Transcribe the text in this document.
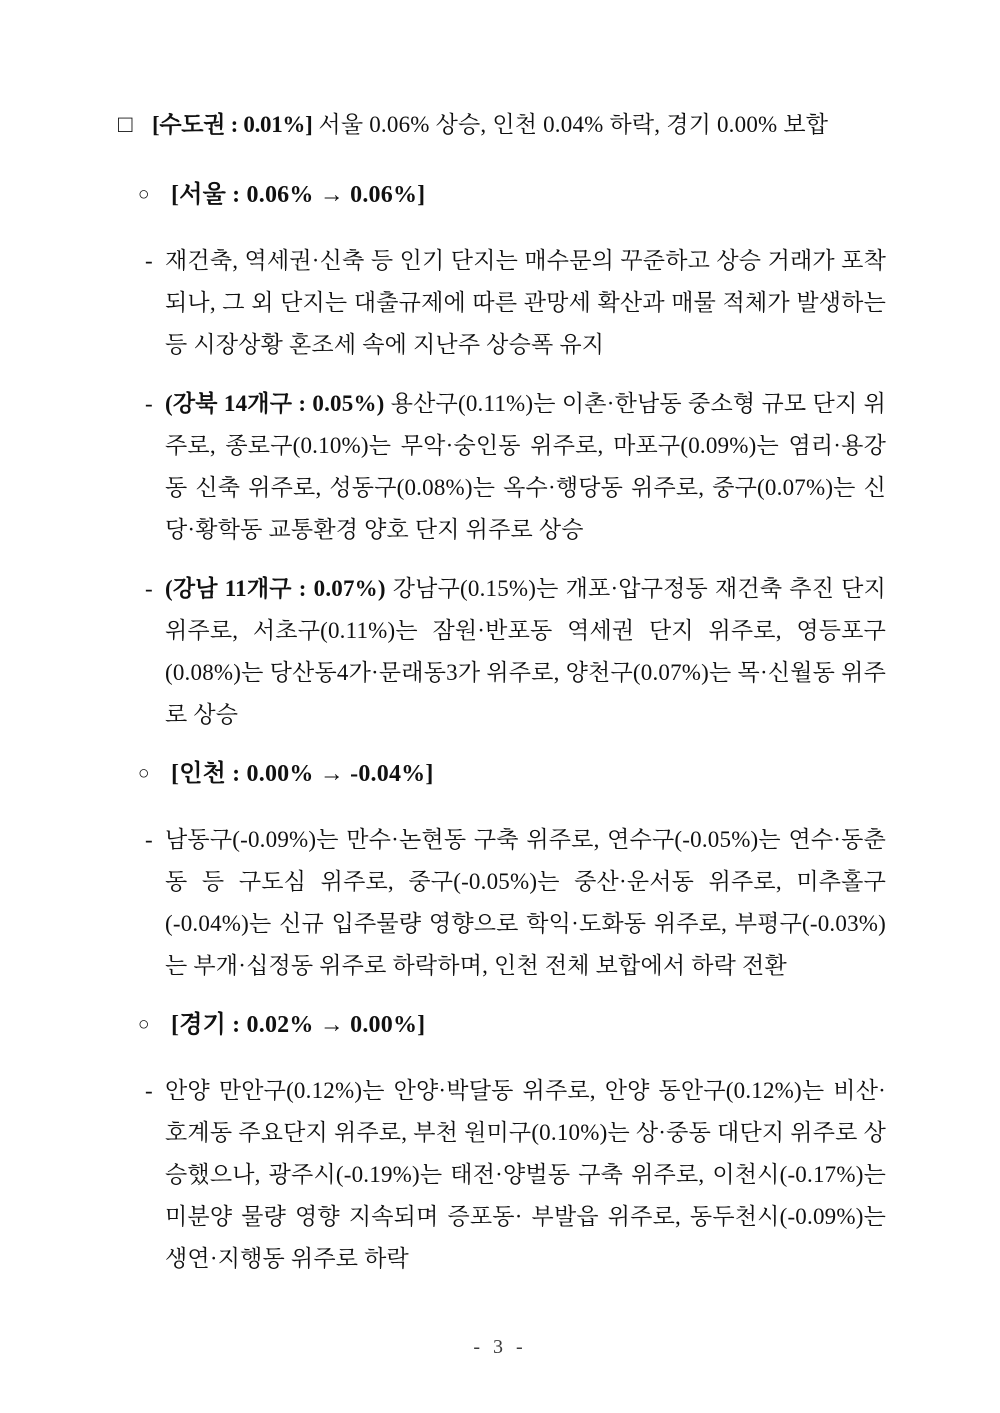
□ [수도권 : 0.01%] 서울 0.06% 상승, 인천 0.04% 하락, 경기 0.00% 보합
○ [서울 : 0.06% → 0.06%]
- 재건축, 역세권·신축 등 인기 단지는 매수문의 꾸준하고 상승 거래가 포착되나, 그 외 단지는 대출규제에 따른 관망세 확산과 매물 적체가 발생하는 등 시장상황 혼조세 속에 지난주 상승폭 유지
- (강북 14개구 : 0.05%) 용산구(0.11%)는 이촌·한남동 중소형 규모 단지 위주로, 종로구(0.10%)는 무악·숭인동 위주로, 마포구(0.09%)는 염리·용강동 신축 위주로, 성동구(0.08%)는 옥수·행당동 위주로, 중구(0.07%)는 신당·황학동 교통환경 양호 단지 위주로 상승
- (강남 11개구 : 0.07%) 강남구(0.15%)는 개포·압구정동 재건축 추진 단지 위주로, 서초구(0.11%)는 잠원·반포동 역세권 단지 위주로, 영등포구(0.08%)는 당산동4가·문래동3가 위주로, 양천구(0.07%)는 목·신월동 위주로 상승
○ [인천 : 0.00% → -0.04%]
- 남동구(-0.09%)는 만수·논현동 구축 위주로, 연수구(-0.05%)는 연수·동춘동 등 구도심 위주로, 중구(-0.05%)는 중산·운서동 위주로, 미추홀구(-0.04%)는 신규 입주물량 영향으로 학익·도화동 위주로, 부평구(-0.03%)는 부개·십정동 위주로 하락하며, 인천 전체 보합에서 하락 전환
○ [경기 : 0.02% → 0.00%]
- 안양 만안구(0.12%)는 안양·박달동 위주로, 안양 동안구(0.12%)는 비산·호계동 주요단지 위주로, 부천 원미구(0.10%)는 상·중동 대단지 위주로 상승했으나, 광주시(-0.19%)는 태전·양벌동 구축 위주로, 이천시(-0.17%)는 미분양 물량 영향 지속되며 증포동· 부발읍 위주로, 동두천시(-0.09%)는 생연·지행동 위주로 하락
- 3 -
